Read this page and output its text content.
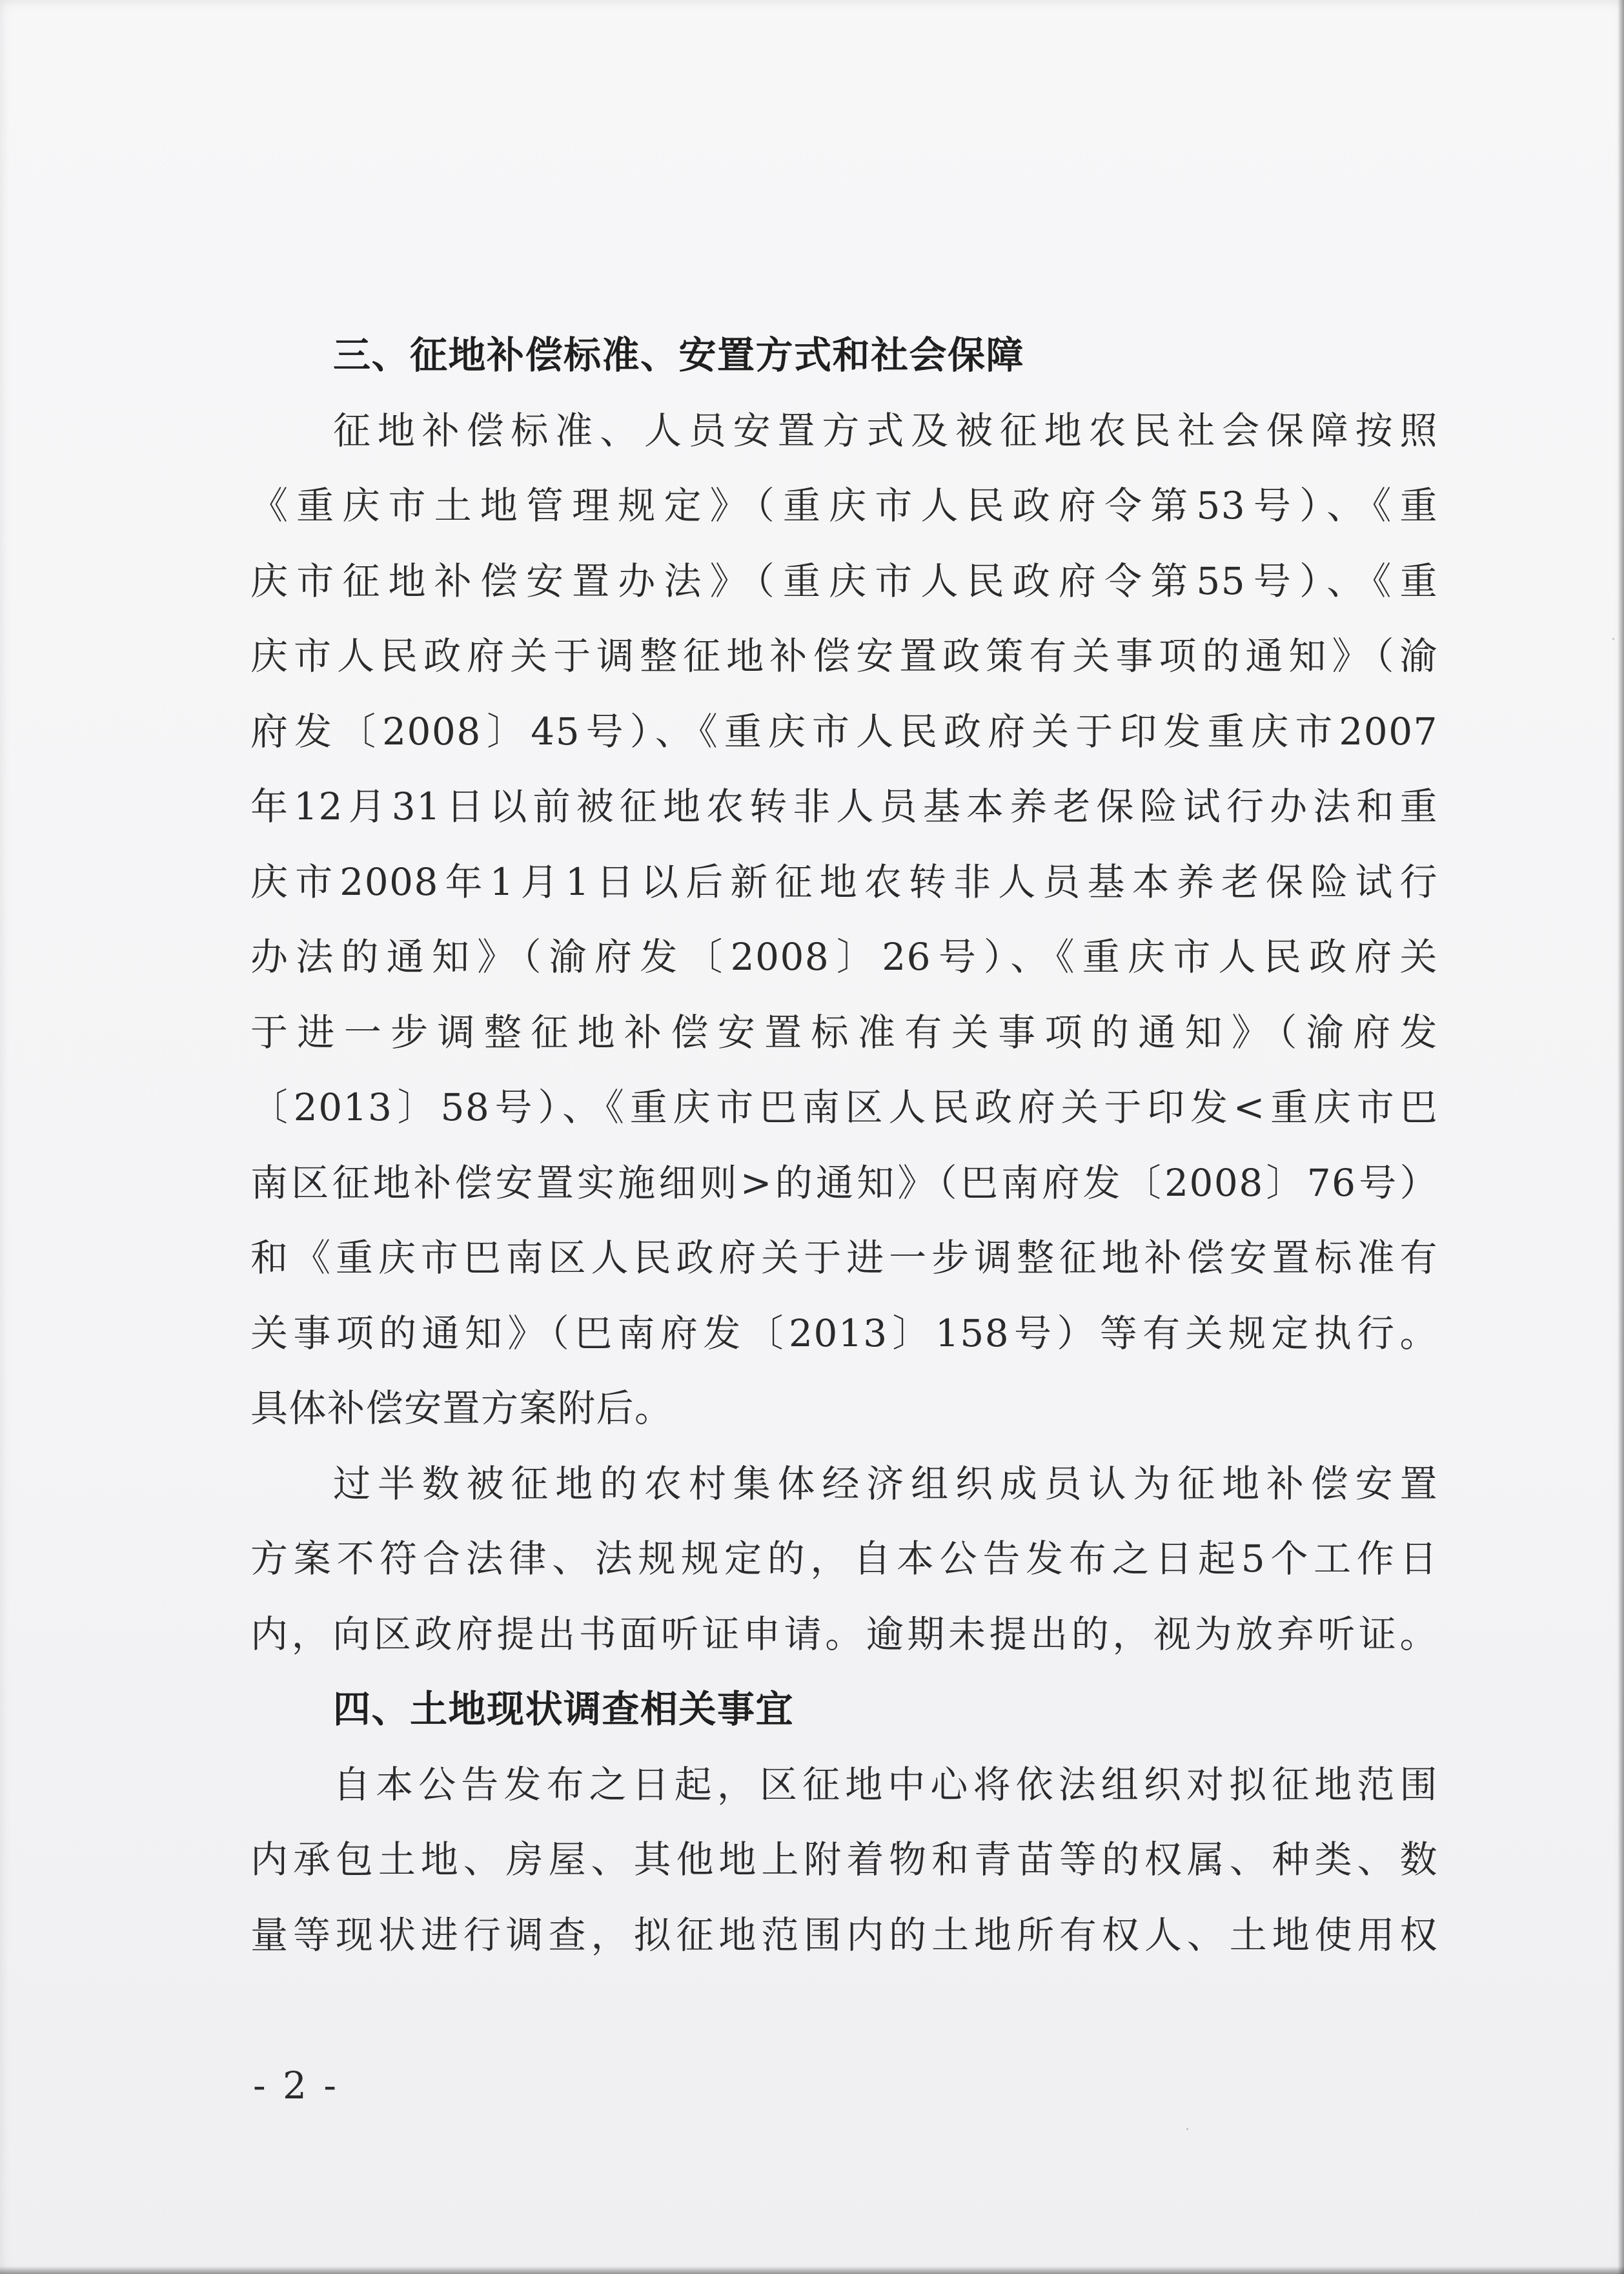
三、征地补偿标准、安置方式和社会保障
征地补偿标准、人员安置方式及被征地农民社会保障按照
《重庆市土地管理规定》（重庆市人民政府令第53号）、《重
庆市征地补偿安置办法》（重庆市人民政府令第55号）、《重
庆市人民政府关于调整征地补偿安置政策有关事项的通知》（渝
府发〔2008〕45号）、《重庆市人民政府关于印发重庆市2007
年12月31日以前被征地农转非人员基本养老保险试行办法和重
庆市2008年1月1日以后新征地农转非人员基本养老保险试行
办法的通知》（渝府发〔2008〕26号）、《重庆市人民政府关
于进一步调整征地补偿安置标准有关事项的通知》（渝府发
〔2013〕58号）、《重庆市巴南区人民政府关于印发<重庆市巴
南区征地补偿安置实施细则>的通知》（巴南府发〔2008〕76号）
和《重庆市巴南区人民政府关于进一步调整征地补偿安置标准有
关事项的通知》（巴南府发〔2013〕158号）等有关规定执行。
具体补偿安置方案附后。
过半数被征地的农村集体经济组织成员认为征地补偿安置
方案不符合法律、法规规定的，自本公告发布之日起5个工作日
内，向区政府提出书面听证申请。逾期未提出的，视为放弃听证。
四、土地现状调查相关事宜
自本公告发布之日起，区征地中心将依法组织对拟征地范围
内承包土地、房屋、其他地上附着物和青苗等的权属、种类、数
量等现状进行调查，拟征地范围内的土地所有权人、土地使用权
- 2 -
